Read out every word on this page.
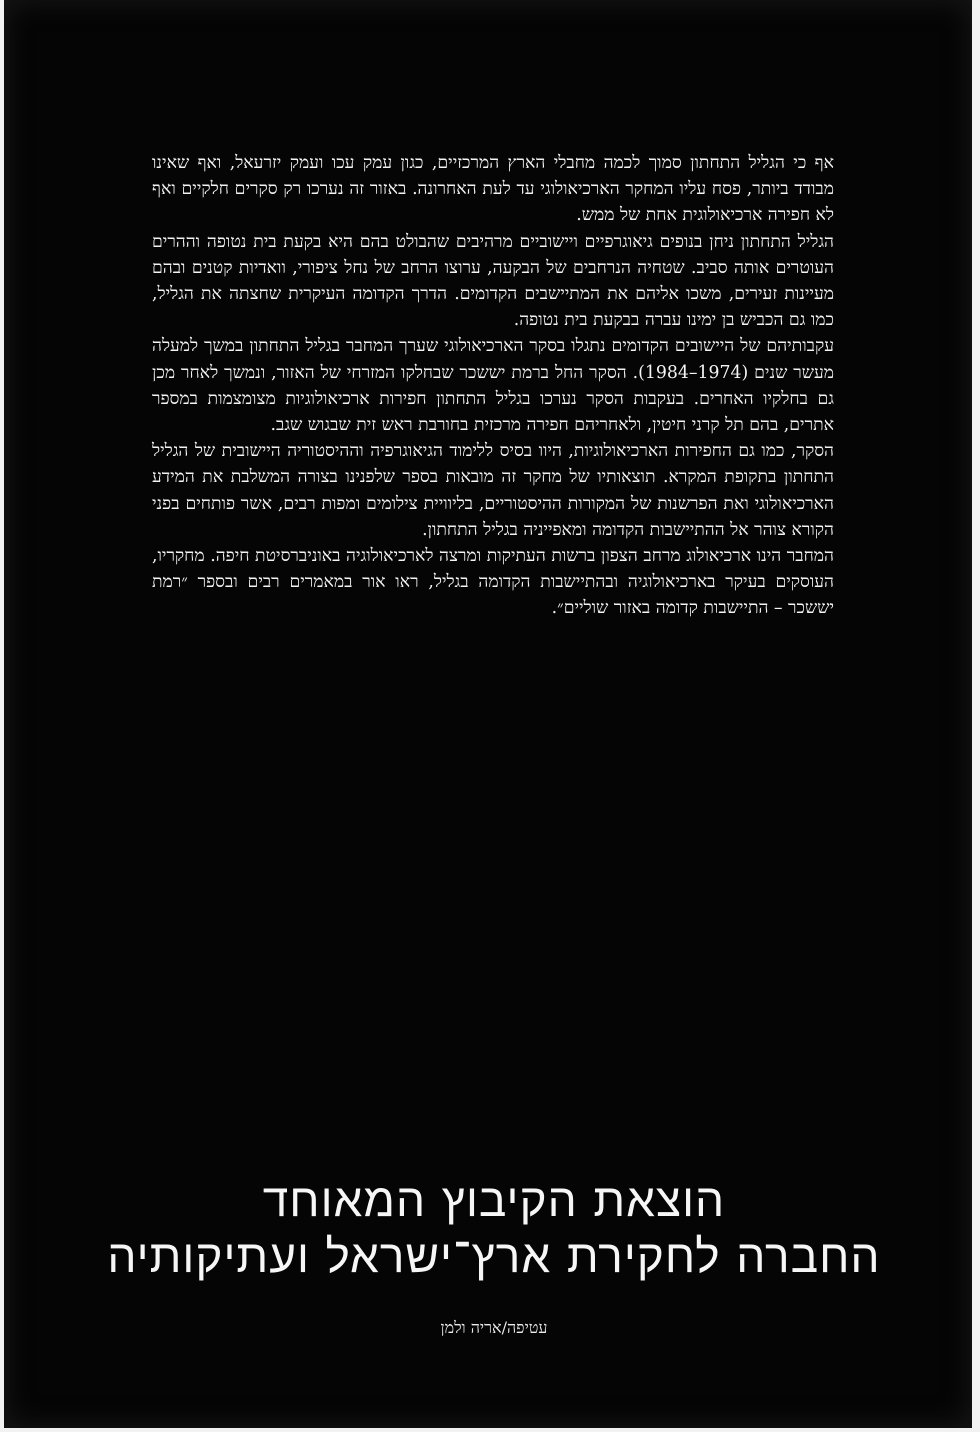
אף כי הגליל התחתון סמוך לכמה מחבלי הארץ המרכזיים, כגון עמק עכו ועמק יזרעאל, ואף שאינו מבודד ביותר, פסח עליו המחקר הארכיאולוגי עד לעת האחרונה. באזור זה נערכו רק סקרים חלקיים ואף לא חפירה ארכיאולוגית אחת של ממש.

הגליל התחתון ניחן בנופים גיאוגרפיים ויישוביים מרהיבים שהבולט בהם היא בקעת בית נטופה וההרים העוטרים אותה סביב. שטחיה הנרחבים של הבקעה, ערוצו הרחב של נחל ציפורי, וואדיות קטנים ובהם מעיינות זעירים, משכו אליהם את המתיישבים הקדומים. הדרך הקדומה העיקרית שחצתה את הגליל, כמו גם הכביש בן ימינו עברה בבקעת בית נטופה.

עקבותיהם של היישובים הקדומים נתגלו בסקר הארכיאולוגי שערך המחבר בגליל התחתון במשך למעלה מעשר שנים (1974–1984). הסקר החל ברמת יששכר שבחלקו המזרחי של האזור, ונמשך לאחר מכן גם בחלקיו האחרים. בעקבות הסקר נערכו בגליל התחתון חפירות ארכיאולוגיות מצומצמות במספר אתרים, בהם תל קרני חיטין, ולאחריהם חפירה מרכזית בחורבת ראש זית שבגוש שגב.

הסקר, כמו גם החפירות הארכיאולוגיות, היוו בסיס ללימוד הגיאוגרפיה וההיסטוריה היישובית של הגליל התחתון בתקופת המקרא. תוצאותיו של מחקר זה מובאות בספר שלפנינו בצורה המשלבת את המידע הארכיאולוגי ואת הפרשנות של המקורות ההיסטוריים, בליוויית צילומים ומפות רבים, אשר פותחים בפני הקורא צוהר אל ההתיישבות הקדומה ומאפייניה בגליל התחתון.

המחבר הינו ארכיאולוג מרחב הצפון ברשות העתיקות ומרצה לארכיאולוגיה באוניברסיטת חיפה. מחקריו, העוסקים בעיקר בארכיאולוגיה ובהתיישבות הקדומה בגליל, ראו אור במאמרים רבים ובספר ״רמת יששכר – התיישבות קדומה באזור שוליים״.

הוצאת הקיבוץ המאוחד
החברה לחקירת ארץ־ישראל ועתיקותיה
עטיפה/אריה ולמן
